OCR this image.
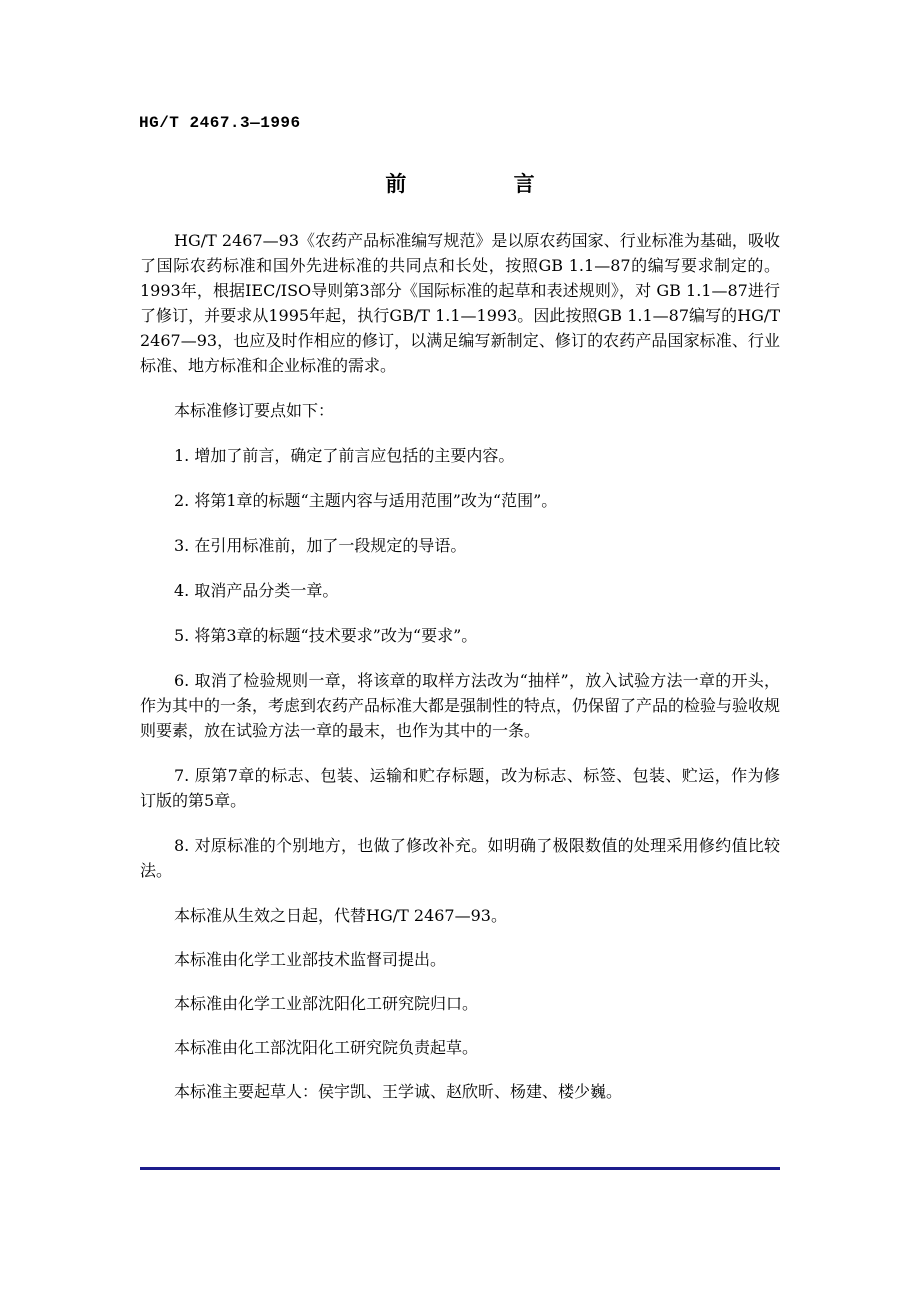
HG/T 2467.3—1996
前 言

HG/T 2467—93《农药产品标准编写规范》是以原农药国家、行业标准为基础，吸收了国际农药标准和国外先进标准的共同点和长处，按照GB 1.1—87的编写要求制定的。1993年，根据IEC/ISO导则第3部分《国际标准的起草和表述规则》，对 GB 1.1—87进行了修订，并要求从1995年起，执行GB/T 1.1—1993。因此按照GB 1.1—87编写的HG/T 2467—93，也应及时作相应的修订，以满足编写新制定、修订的农药产品国家标准、行业标准、地方标准和企业标准的需求。

本标准修订要点如下：

1. 增加了前言，确定了前言应包括的主要内容。

2. 将第1章的标题“主题内容与适用范围”改为“范围”。

3. 在引用标准前，加了一段规定的导语。

4. 取消产品分类一章。

5. 将第3章的标题“技术要求”改为“要求”。

6. 取消了检验规则一章，将该章的取样方法改为“抽样”，放入试验方法一章的开头，作为其中的一条，考虑到农药产品标准大都是强制性的特点，仍保留了产品的检验与验收规则要素，放在试验方法一章的最末，也作为其中的一条。

7. 原第7章的标志、包装、运输和贮存标题，改为标志、标签、包装、贮运，作为修订版的第5章。

8. 对原标准的个别地方，也做了修改补充。如明确了极限数值的处理采用修约值比较法。

本标准从生效之日起，代替HG/T 2467—93。

本标准由化学工业部技术监督司提出。

本标准由化学工业部沈阳化工研究院归口。

本标准由化工部沈阳化工研究院负责起草。

本标准主要起草人：侯宇凯、王学诚、赵欣昕、杨建、楼少巍。
